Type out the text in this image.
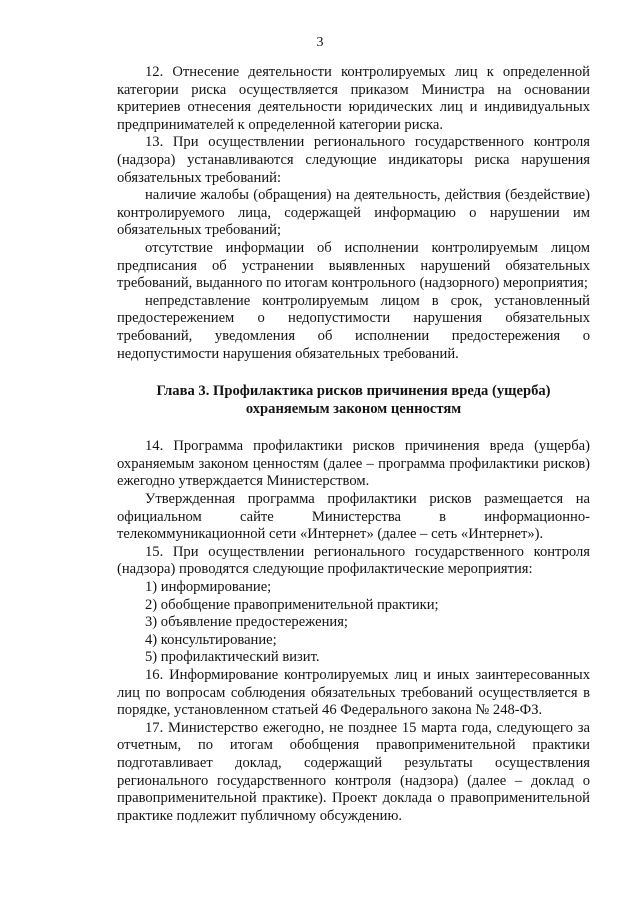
3

12. Отнесение деятельности контролируемых лиц к определенной категории риска осуществляется приказом Министра на основании критериев отнесения деятельности юридических лиц и индивидуальных предпринимателей к определенной категории риска.

13. При осуществлении регионального государственного контроля (надзора) устанавливаются следующие индикаторы риска нарушения обязательных требований:

наличие жалобы (обращения) на деятельность, действия (бездействие) контролируемого лица, содержащей информацию о нарушении им обязательных требований;

отсутствие информации об исполнении контролируемым лицом предписания об устранении выявленных нарушений обязательных требований, выданного по итогам контрольного (надзорного) мероприятия;

непредставление контролируемым лицом в срок, установленный предостережением о недопустимости нарушения обязательных требований, уведомления об исполнении предостережения о недопустимости нарушения обязательных требований.

Глава 3. Профилактика рисков причинения вреда (ущерба)
охраняемым законом ценностям

14. Программа профилактики рисков причинения вреда (ущерба) охраняемым законом ценностям (далее – программа профилактики рисков) ежегодно утверждается Министерством.

Утвержденная программа профилактики рисков размещается на официальном сайте Министерства в информационно-телекоммуникационной сети «Интернет» (далее – сеть «Интернет»).

15. При осуществлении регионального государственного контроля (надзора) проводятся следующие профилактические мероприятия:

1) информирование;

2) обобщение правоприменительной практики;

3) объявление предостережения;

4) консультирование;

5) профилактический визит.

16. Информирование контролируемых лиц и иных заинтересованных лиц по вопросам соблюдения обязательных требований осуществляется в порядке, установленном статьей 46 Федерального закона № 248-ФЗ.

17. Министерство ежегодно, не позднее 15 марта года, следующего за отчетным, по итогам обобщения правоприменительной практики подготавливает доклад, содержащий результаты осуществления регионального государственного контроля (надзора) (далее – доклад о правоприменительной практике). Проект доклада о правоприменительной практике подлежит публичному обсуждению.
